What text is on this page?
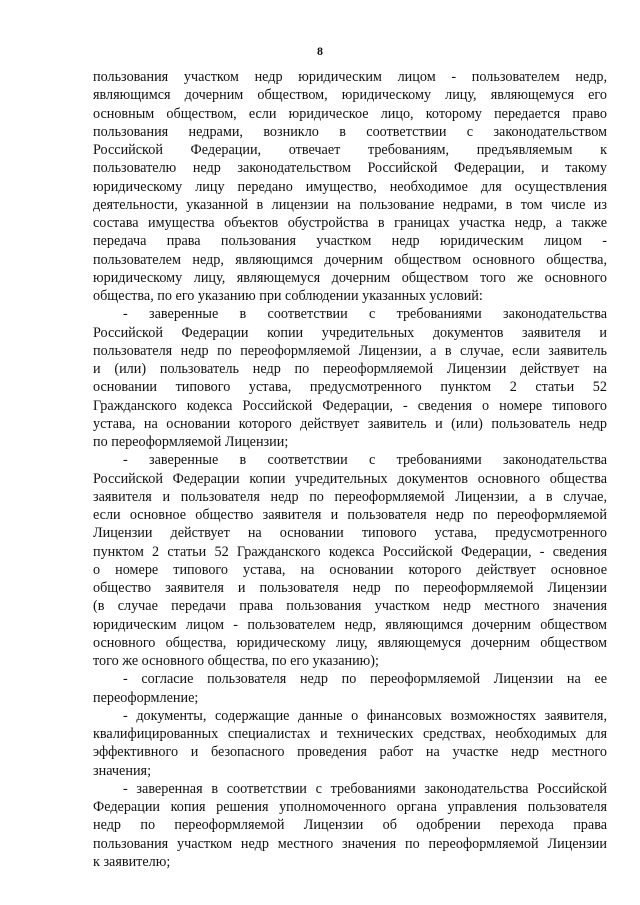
8

пользования участком недр юридическим лицом - пользователем недр,

являющимся дочерним обществом, юридическому лицу, являющемуся его

основным обществом, если юридическое лицо, которому передается право

пользования недрами, возникло в соответствии с законодательством

Российской Федерации, отвечает требованиям, предъявляемым к

пользователю недр законодательством Российской Федерации, и такому

юридическому лицу передано имущество, необходимое для осуществления

деятельности, указанной в лицензии на пользование недрами, в том числе из

состава имущества объектов обустройства в границах участка недр, а также

передача права пользования участком недр юридическим лицом -

пользователем недр, являющимся дочерним обществом основного общества,

юридическому лицу, являющемуся дочерним обществом того же основного

общества, по его указанию при соблюдении указанных условий:

- заверенные в соответствии с требованиями законодательства

Российской Федерации копии учредительных документов заявителя и

пользователя недр по переоформляемой Лицензии, а в случае, если заявитель

и (или) пользователь недр по переоформляемой Лицензии действует на

основании типового устава, предусмотренного пунктом 2 статьи 52

Гражданского кодекса Российской Федерации, - сведения о номере типового

устава, на основании которого действует заявитель и (или) пользователь недр

по переоформляемой Лицензии;

- заверенные в соответствии с требованиями законодательства

Российской Федерации копии учредительных документов основного общества

заявителя и пользователя недр по переоформляемой Лицензии, а в случае,

если основное общество заявителя и пользователя недр по переоформляемой

Лицензии действует на основании типового устава, предусмотренного

пунктом 2 статьи 52 Гражданского кодекса Российской Федерации, - сведения

о номере типового устава, на основании которого действует основное

общество заявителя и пользователя недр по переоформляемой Лицензии

(в случае передачи права пользования участком недр местного значения

юридическим лицом - пользователем недр, являющимся дочерним обществом

основного общества, юридическому лицу, являющемуся дочерним обществом

того же основного общества, по его указанию);

- согласие пользователя недр по переоформляемой Лицензии на ее

переоформление;

- документы, содержащие данные о финансовых возможностях заявителя,

квалифицированных специалистах и технических средствах, необходимых для

эффективного и безопасного проведения работ на участке недр местного

значения;

- заверенная в соответствии с требованиями законодательства Российской

Федерации копия решения уполномоченного органа управления пользователя

недр по переоформляемой Лицензии об одобрении перехода права

пользования участком недр местного значения по переоформляемой Лицензии

к заявителю;
